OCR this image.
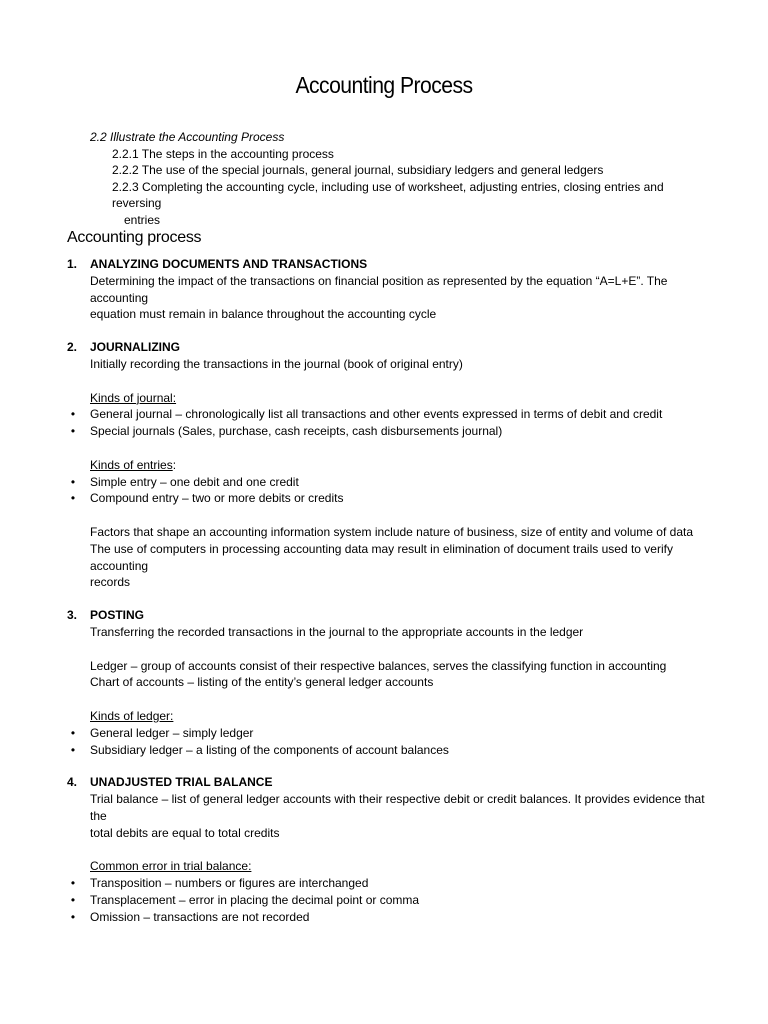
Accounting Process
2.2 Illustrate the Accounting Process
2.2.1 The steps in the accounting process
2.2.2 The use of the special journals, general journal, subsidiary ledgers and general ledgers
2.2.3 Completing the accounting cycle, including use of worksheet, adjusting entries, closing entries and reversing
entries
Accounting process
1. ANALYZING DOCUMENTS AND TRANSACTIONS
Determining the impact of the transactions on financial position as represented by the equation “A=L+E”. The accounting
equation must remain in balance throughout the accounting cycle
2. JOURNALIZING
Initially recording the transactions in the journal (book of original entry)
Kinds of journal:
•	General journal – chronologically list all transactions and other events expressed in terms of debit and credit
•	Special journals (Sales, purchase, cash receipts, cash disbursements journal)
Kinds of entries:
•	Simple entry – one debit and one credit
•	Compound entry – two or more debits or credits
Factors that shape an accounting information system include nature of business, size of entity and volume of data
The use of computers in processing accounting data may result in elimination of document trails used to verify accounting
records
3. POSTING
Transferring the recorded transactions in the journal to the appropriate accounts in the ledger
Ledger – group of accounts consist of their respective balances, serves the classifying function in accounting
Chart of accounts – listing of the entity’s general ledger accounts
Kinds of ledger:
•	General ledger – simply ledger
•	Subsidiary ledger – a listing of the components of account balances
4. UNADJUSTED TRIAL BALANCE
Trial balance – list of general ledger accounts with their respective debit or credit balances. It provides evidence that the
total debits are equal to total credits
Common error in trial balance:
•	Transposition – numbers or figures are interchanged
•	Transplacement – error in placing the decimal point or comma
•	Omission – transactions are not recorded
